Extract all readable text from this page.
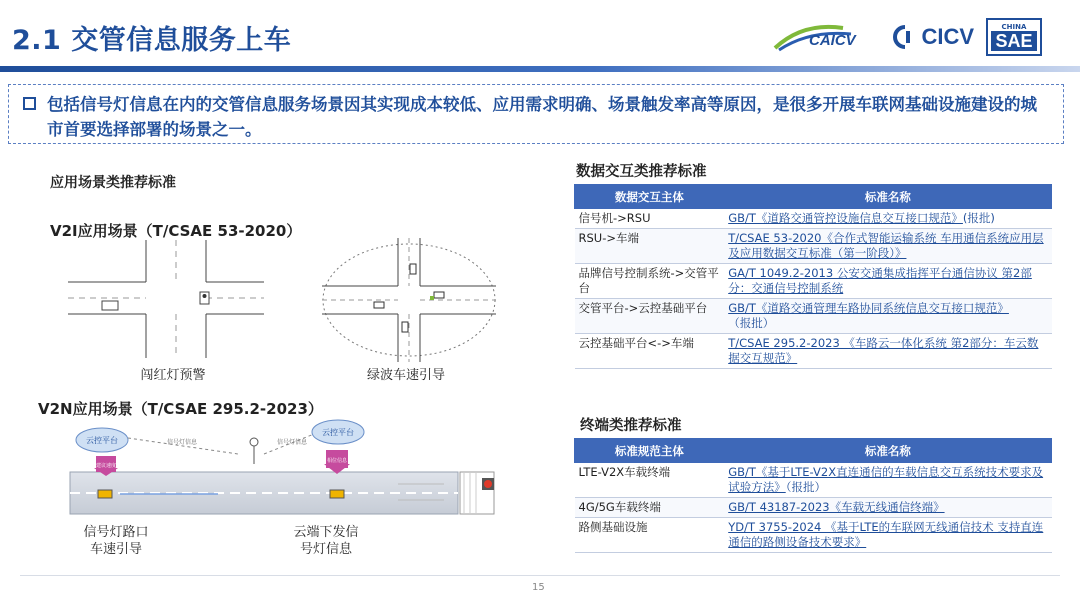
2.1 交管信息服务上车	CAICV	CICV	CHINA
SAE
包括信号灯信息在内的交管信息服务场景因其实现成本较低、应用需求明确、场景触发率高等原因，是很多开展车联网基础设施建设的城市首要选择部署的场景之一。
应用场景类推荐标准
V2I应用场景（T/CSAE 53-2020）
闯红灯预警	绿波车速引导
V2N应用场景（T/CSAE 295.2-2023）
云控平台
云控平台
信号灯信息	信号灯信息
建议速度
相位信息
信号灯路口
车速引导
云端下发信
号灯信息
数据交互类推荐标准
数据交互主体	标准名称
信号机->RSU	GB/T《道路交通管控设施信息交互接口规范》(报批)
RSU->车端	T/CSAE 53-2020《合作式智能运输系统 车用通信系统应用层及应用数据交互标准（第一阶段）》
品牌信号控制系统->交管平台	GA/T 1049.2-2013 公安交通集成指挥平台通信协议 第2部分：交通信号控制系统
交管平台->云控基础平台	GB/T《道路交通管理车路协同系统信息交互接口规范》（报批）
云控基础平台<->车端	T/CSAE 295.2-2023 《车路云一体化系统 第2部分：车云数据交互规范》
终端类推荐标准
标准规范主体	标准名称
LTE-V2X车载终端	GB/T《基于LTE-V2X直连通信的车载信息交互系统技术要求及试验方法》（报批）
4G/5G车载终端	GB/T 43187-2023《车载无线通信终端》
路侧基础设施	YD/T 3755-2024 《基于LTE的车联网无线通信技术 支持直连通信的路侧设备技术要求》
15
